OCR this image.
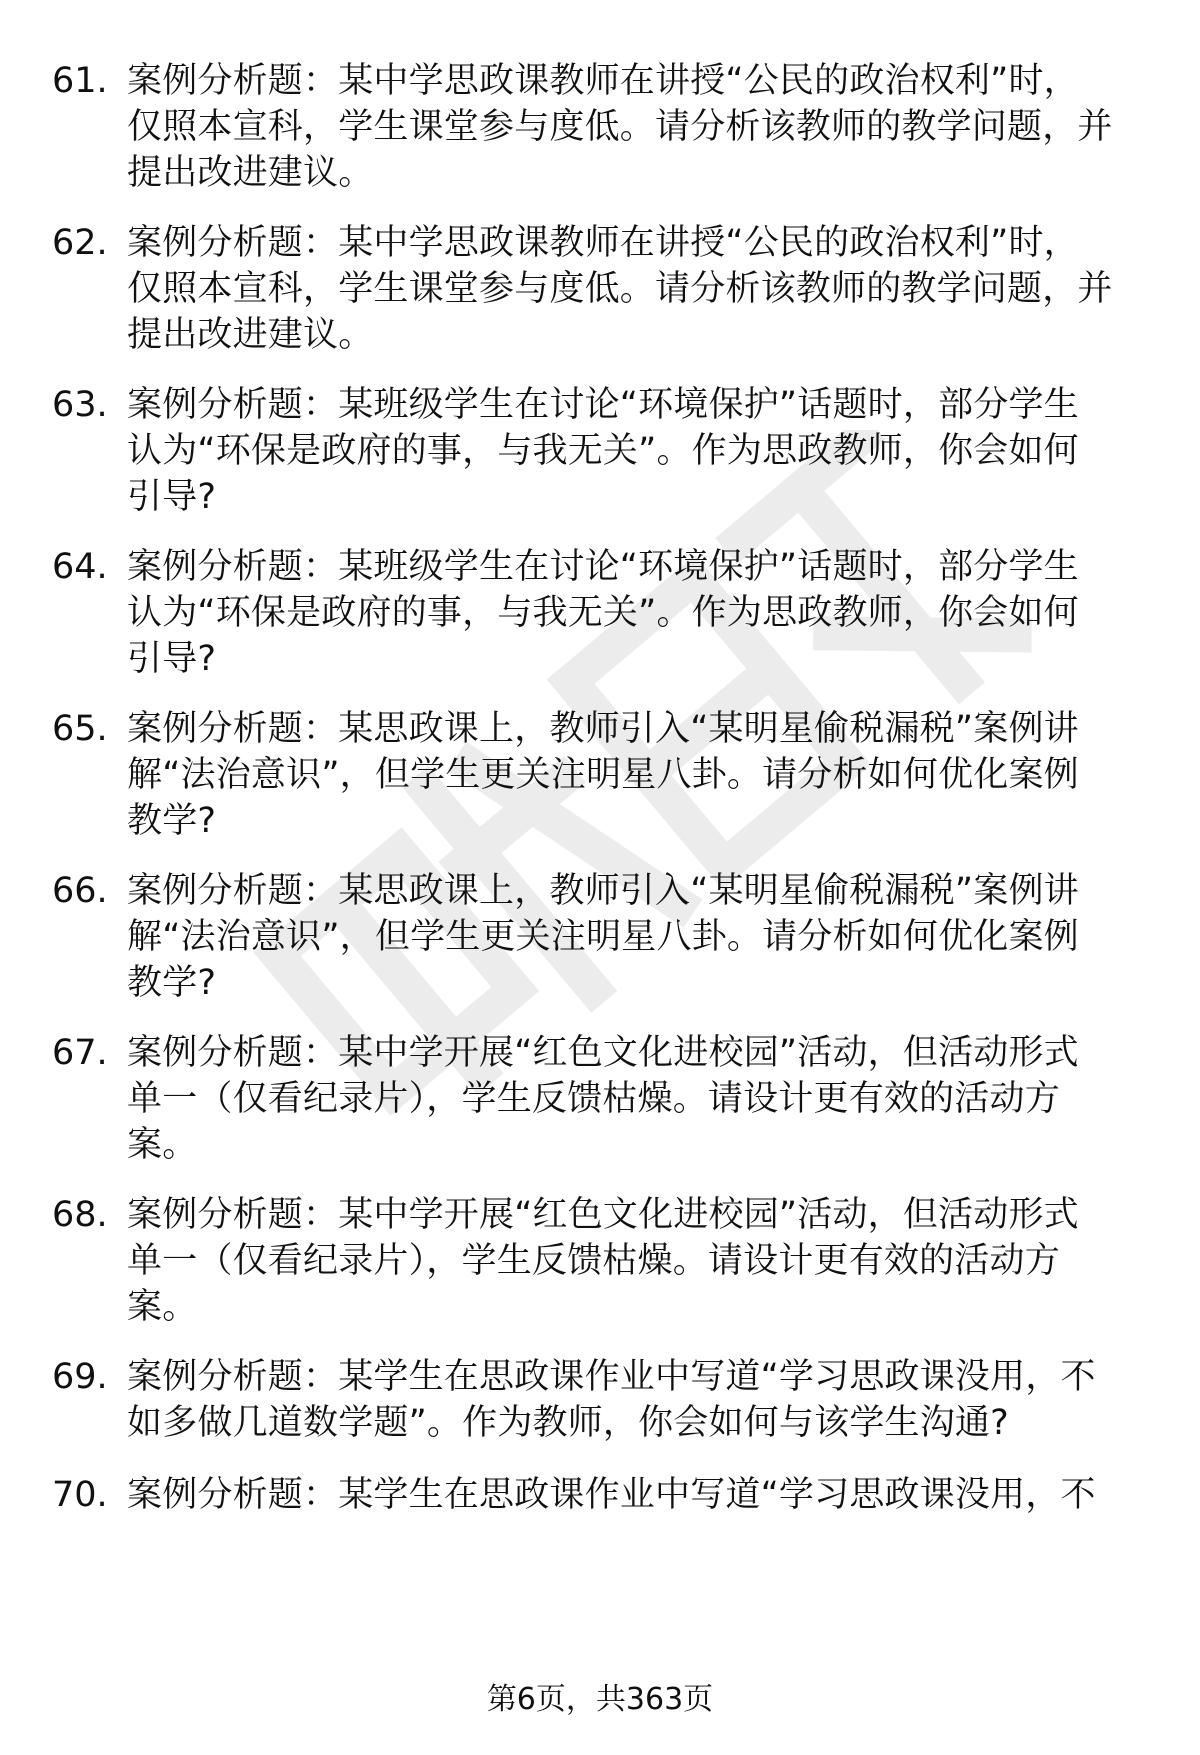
61. 案例分析题：某中学思政课教师在讲授“公民的政治权利”时，
仅照本宣科，学生课堂参与度低。请分析该教师的教学问题，并
提出改进建议。
62. 案例分析题：某中学思政课教师在讲授“公民的政治权利”时，
仅照本宣科，学生课堂参与度低。请分析该教师的教学问题，并
提出改进建议。
63. 案例分析题：某班级学生在讨论“环境保护”话题时，部分学生
认为“环保是政府的事，与我无关”。作为思政教师，你会如何
引导?
64. 案例分析题：某班级学生在讨论“环境保护”话题时，部分学生
认为“环保是政府的事，与我无关”。作为思政教师，你会如何
引导?
65. 案例分析题：某思政课上，教师引入“某明星偷税漏税”案例讲
解“法治意识”，但学生更关注明星八卦。请分析如何优化案例
教学?
66. 案例分析题：某思政课上，教师引入“某明星偷税漏税”案例讲
解“法治意识”，但学生更关注明星八卦。请分析如何优化案例
教学?
67. 案例分析题：某中学开展“红色文化进校园”活动，但活动形式
单一（仅看纪录片），学生反馈枯燥。请设计更有效的活动方
案。
68. 案例分析题：某中学开展“红色文化进校园”活动，但活动形式
单一（仅看纪录片），学生反馈枯燥。请设计更有效的活动方
案。
69. 案例分析题：某学生在思政课作业中写道“学习思政课没用，不
如多做几道数学题”。作为教师，你会如何与该学生沟通?
70. 案例分析题：某学生在思政课作业中写道“学习思政课没用，不
第6页，共363页
